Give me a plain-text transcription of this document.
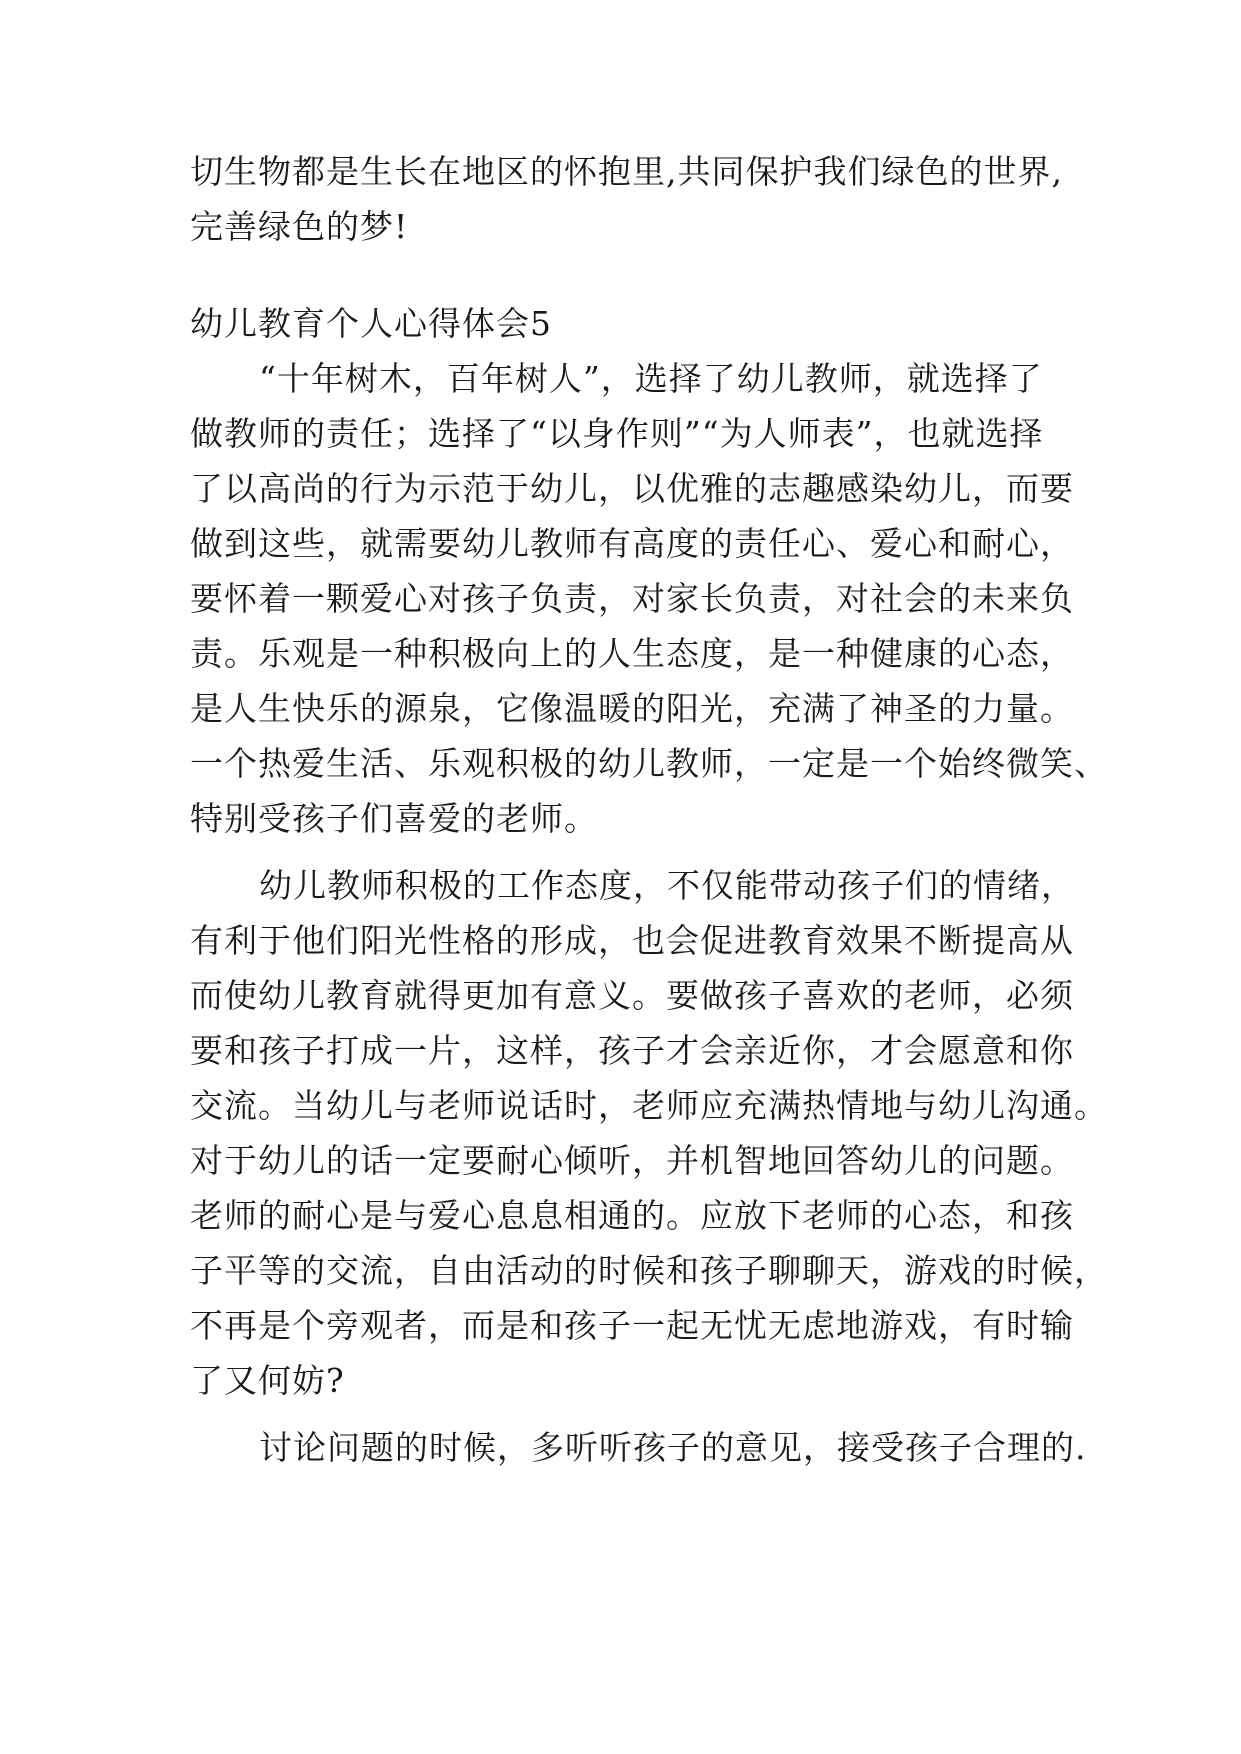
切生物都是生长在地区的怀抱里,共同保护我们绿色的世界,
完善绿色的梦!
幼儿教育个人心得体会5
“十年树木，百年树人”，选择了幼儿教师，就选择了
做教师的责任；选择了“以身作则”“为人师表”，也就选择
了以高尚的行为示范于幼儿，以优雅的志趣感染幼儿，而要
做到这些，就需要幼儿教师有高度的责任心、爱心和耐心，
要怀着一颗爱心对孩子负责，对家长负责，对社会的未来负
责。乐观是一种积极向上的人生态度，是一种健康的心态，
是人生快乐的源泉，它像温暖的阳光，充满了神圣的力量。
一个热爱生活、乐观积极的幼儿教师，一定是一个始终微笑、
特别受孩子们喜爱的老师。
幼儿教师积极的工作态度，不仅能带动孩子们的情绪，
有利于他们阳光性格的形成，也会促进教育效果不断提高从
而使幼儿教育就得更加有意义。要做孩子喜欢的老师，必须
要和孩子打成一片，这样，孩子才会亲近你，才会愿意和你
交流。当幼儿与老师说话时，老师应充满热情地与幼儿沟通。
对于幼儿的话一定要耐心倾听，并机智地回答幼儿的问题。
老师的耐心是与爱心息息相通的。应放下老师的心态，和孩
子平等的交流，自由活动的时候和孩子聊聊天，游戏的时候，
不再是个旁观者，而是和孩子一起无忧无虑地游戏，有时输
了又何妨?
讨论问题的时候，多听听孩子的意见，接受孩子合理的.
